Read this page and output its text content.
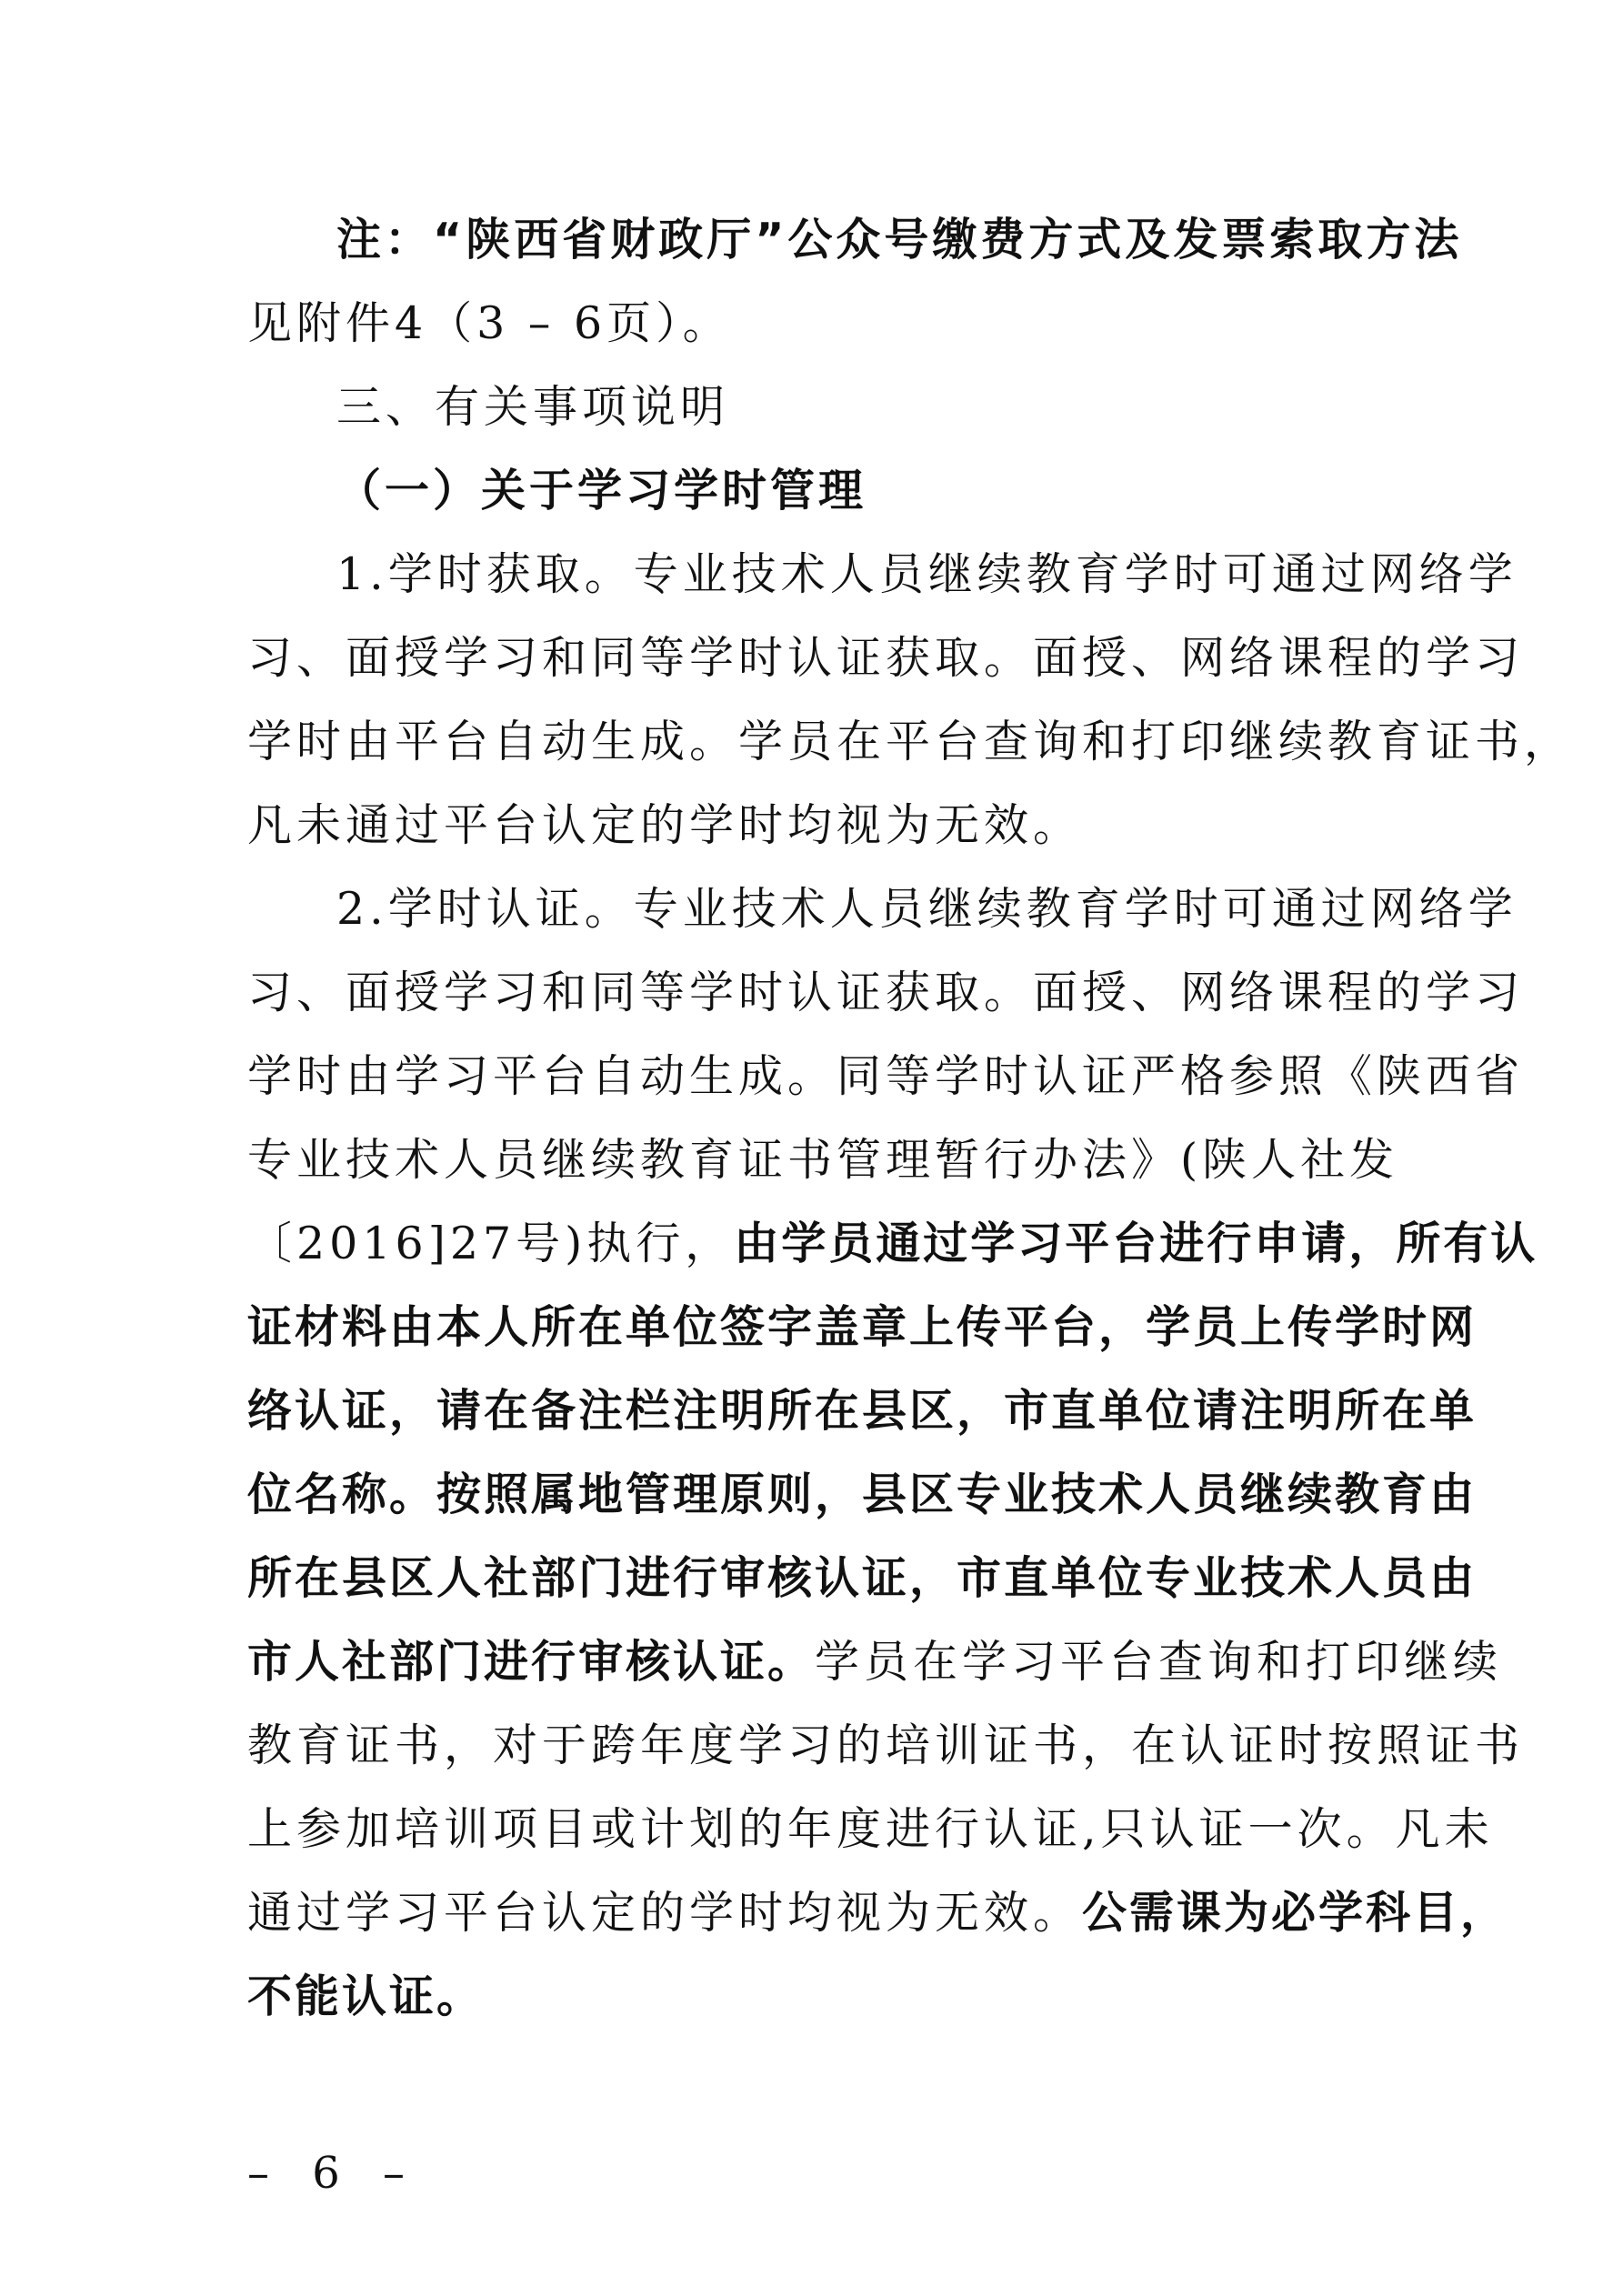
注：“陕西省财政厅”公众号缴费方式及发票索取方法
见附件4（3 – 6页）。
三、有关事项说明
（一）关于学习学时管理
1.学时获取。专业技术人员继续教育学时可通过网络学
习、面授学习和同等学时认证获取。面授、网络课程的学习
学时由平台自动生成。学员在平台查询和打印继续教育证书，
凡未通过平台认定的学时均视为无效。
2.学时认证。专业技术人员继续教育学时可通过网络学
习、面授学习和同等学时认证获取。面授、网络课程的学习
学时由学习平台自动生成。同等学时认证严格参照《陕西省
专业技术人员继续教育证书管理暂行办法》(陕人社发
〔2016]27号)执行，由学员通过学习平台进行申请，所有认
证材料由本人所在单位签字盖章上传平台，学员上传学时网
络认证，请在备注栏注明所在县区，市直单位请注明所在单
位名称。按照属地管理原则，县区专业技术人员继续教育由
所在县区人社部门进行审核认证，市直单位专业技术人员由
市人社部门进行审核认证。学员在学习平台查询和打印继续
教育证书，对于跨年度学习的培训证书，在认证时按照证书
上参加培训项目或计划的年度进行认证,只认证一次。凡未
通过学习平台认定的学时均视为无效。公需课为必学科目，
不能认证。
– 6 –
